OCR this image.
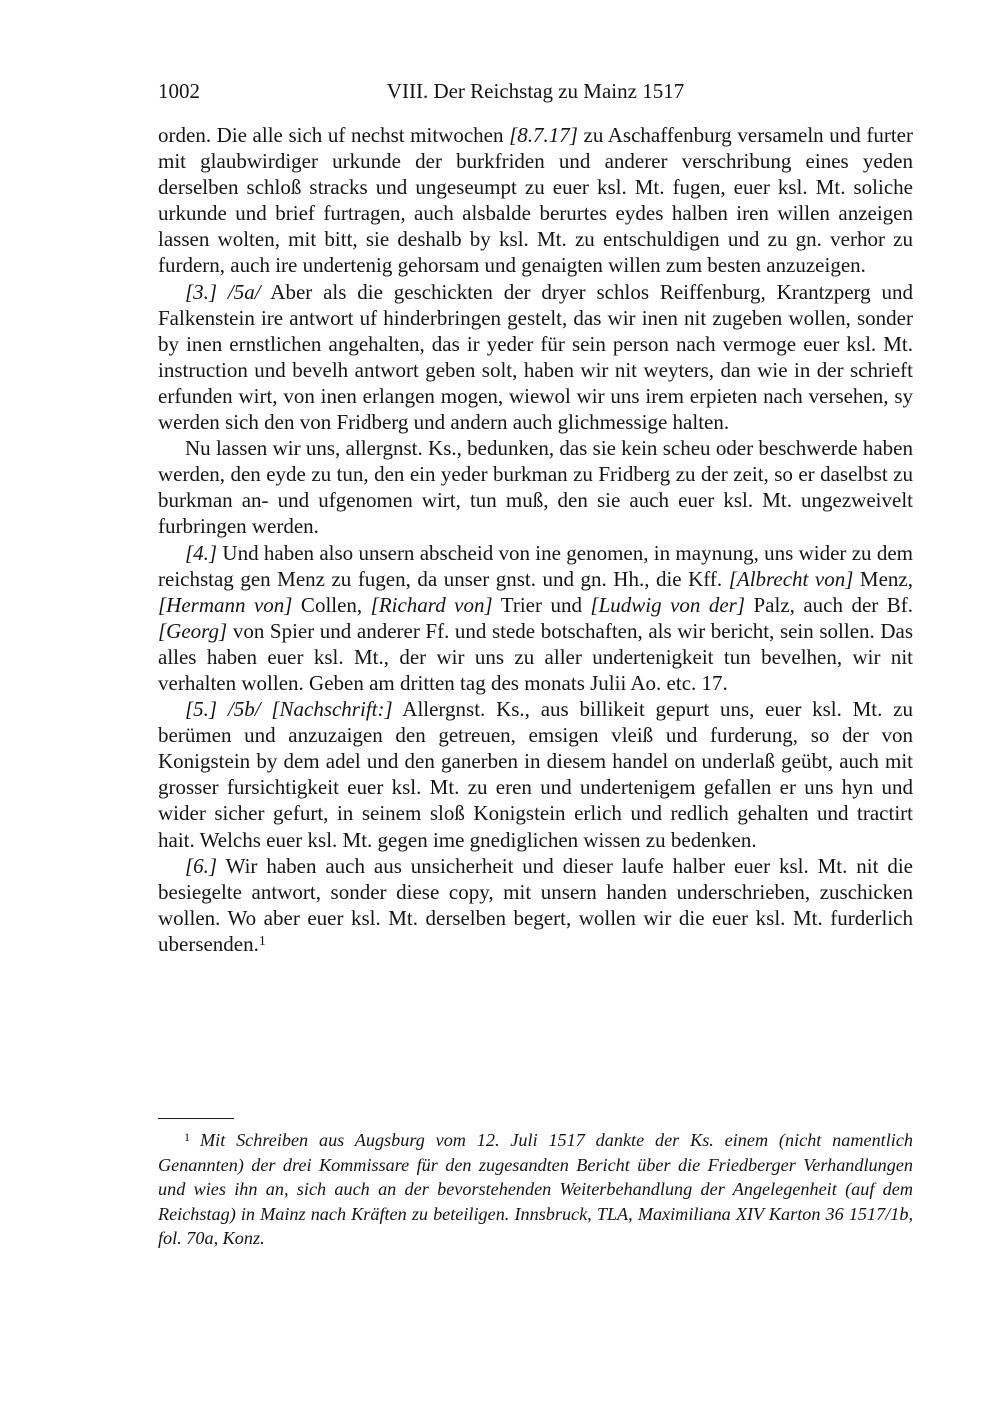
1002	VIII. Der Reichstag zu Mainz 1517

orden. Die alle sich uf nechst mitwochen [8.7.17] zu Aschaffenburg versameln und furter mit glaubwirdiger urkunde der burkfriden und anderer verschribung eines yeden derselben schloß stracks und ungeseumpt zu euer ksl. Mt. fugen, euer ksl. Mt. soliche urkunde und brief furtragen, auch alsbalde berurtes eydes halben iren willen anzeigen lassen wolten, mit bitt, sie deshalb by ksl. Mt. zu entschuldigen und zu gn. verhor zu furdern, auch ire undertenig gehorsam und genaigten willen zum besten anzuzeigen.

[3.] /5a/ Aber als die geschickten der dryer schlos Reiffenburg, Krantzperg und Falkenstein ire antwort uf hinderbringen gestelt, das wir inen nit zugeben wollen, sonder by inen ernstlichen angehalten, das ir yeder für sein person nach vermoge euer ksl. Mt. instruction und bevelh antwort geben solt, haben wir nit weyters, dan wie in der schrieft erfunden wirt, von inen erlangen mogen, wiewol wir uns irem erpieten nach versehen, sy werden sich den von Fridberg und andern auch glichmessige halten.

Nu lassen wir uns, allergnst. Ks., bedunken, das sie kein scheu oder beschwerde haben werden, den eyde zu tun, den ein yeder burkman zu Fridberg zu der zeit, so er daselbst zu burkman an- und ufgenomen wirt, tun muß, den sie auch euer ksl. Mt. ungezweivelt furbringen werden.

[4.] Und haben also unsern abscheid von ine genomen, in maynung, uns wider zu dem reichstag gen Menz zu fugen, da unser gnst. und gn. Hh., die Kff. [Albrecht von] Menz, [Hermann von] Collen, [Richard von] Trier und [Ludwig von der] Palz, auch der Bf. [Georg] von Spier und anderer Ff. und stede botschaften, als wir bericht, sein sollen. Das alles haben euer ksl. Mt., der wir uns zu aller undertenigkeit tun bevelhen, wir nit verhalten wollen. Geben am dritten tag des monats Julii Ao. etc. 17.

[5.] /5b/ [Nachschrift:] Allergnst. Ks., aus billikeit gepurt uns, euer ksl. Mt. zu berümen und anzuzaigen den getreuen, emsigen vleiß und furderung, so der von Konigstein by dem adel und den ganerben in diesem handel on underlaß geübt, auch mit grosser fursichtigkeit euer ksl. Mt. zu eren und undertenigem gefallen er uns hyn und wider sicher gefurt, in seinem sloß Konigstein erlich und redlich gehalten und tractirt hait. Welchs euer ksl. Mt. gegen ime gnediglichen wissen zu bedenken.

[6.] Wir haben auch aus unsicherheit und dieser laufe halber euer ksl. Mt. nit die besiegelte antwort, sonder diese copy, mit unsern handen underschrieben, zuschicken wollen. Wo aber euer ksl. Mt. derselben begert, wollen wir die euer ksl. Mt. furderlich ubersenden.$^1$

$^1$ Mit Schreiben aus Augsburg vom 12. Juli 1517 dankte der Ks. einem (nicht namentlich Genannten) der drei Kommissare für den zugesandten Bericht über die Friedberger Verhandlungen und wies ihn an, sich auch an der bevorstehenden Weiterbehandlung der Angelegenheit (auf dem Reichstag) in Mainz nach Kräften zu beteiligen. Innsbruck, TLA, Maximiliana XIV Karton 36 1517/1b, fol. 70a, Konz.
